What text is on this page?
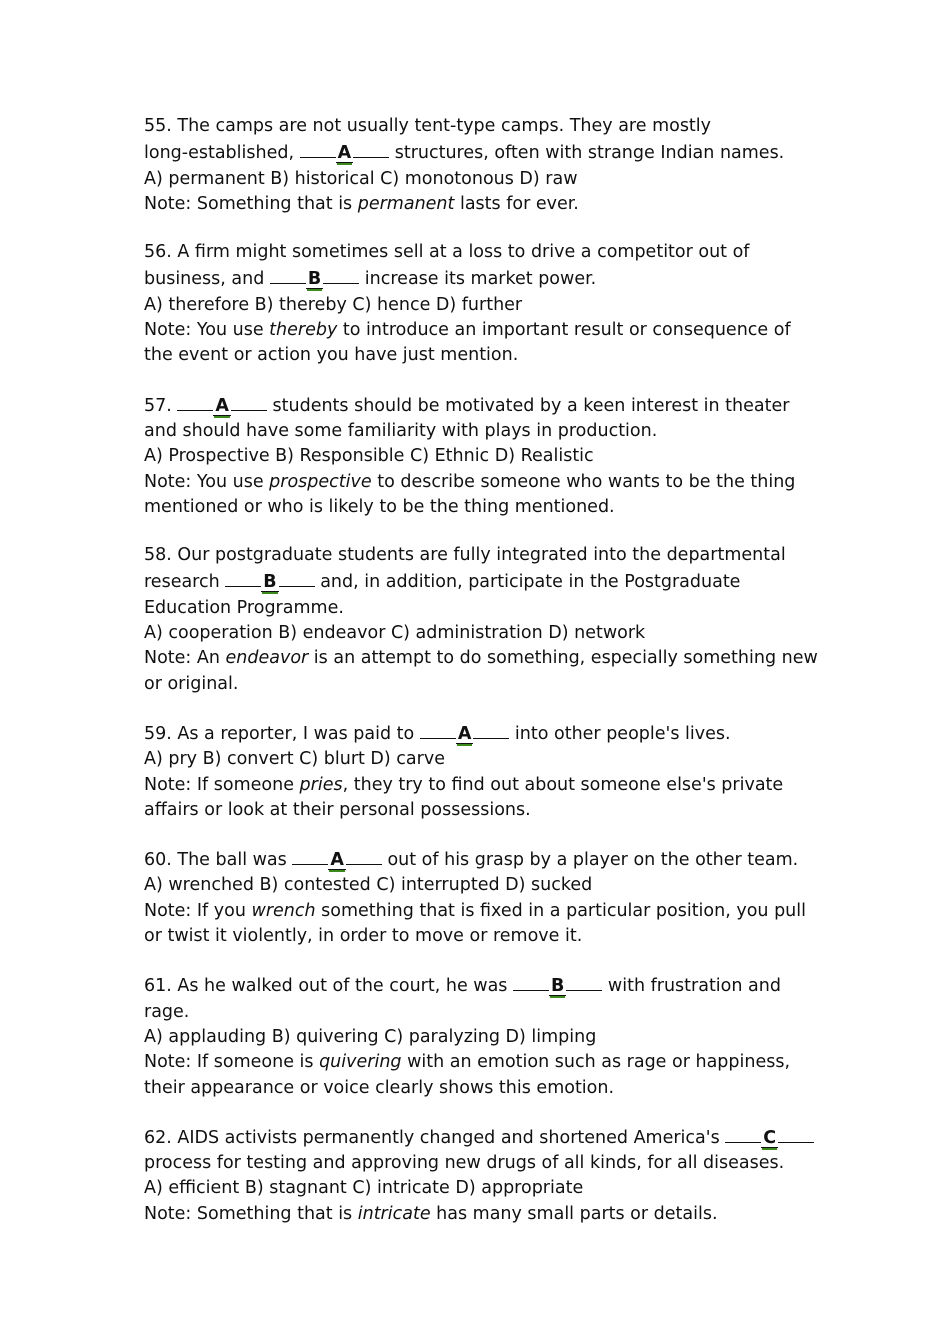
55. The camps are not usually tent-type camps. They are mostly
long-established, A structures, often with strange Indian names.
A) permanent B) historical C) monotonous D) raw
Note: Something that is permanent lasts for ever.
56. A firm might sometimes sell at a loss to drive a competitor out of
business, and B increase its market power.
A) therefore B) thereby C) hence D) further
Note: You use thereby to introduce an important result or consequence of
the event or action you have just mention.
57. A students should be motivated by a keen interest in theater
and should have some familiarity with plays in production.
A) Prospective B) Responsible C) Ethnic D) Realistic
Note: You use prospective to describe someone who wants to be the thing
mentioned or who is likely to be the thing mentioned.
58. Our postgraduate students are fully integrated into the departmental
research B and, in addition, participate in the Postgraduate
Education Programme.
A) cooperation B) endeavor C) administration D) network
Note: An endeavor is an attempt to do something, especially something new
or original.
59. As a reporter, I was paid to A into other people's lives.
A) pry B) convert C) blurt D) carve
Note: If someone pries, they try to find out about someone else's private
affairs or look at their personal possessions.
60. The ball was A out of his grasp by a player on the other team.
A) wrenched B) contested C) interrupted D) sucked
Note: If you wrench something that is fixed in a particular position, you pull
or twist it violently, in order to move or remove it.
61. As he walked out of the court, he was B with frustration and
rage.
A) applauding B) quivering C) paralyzing D) limping
Note: If someone is quivering with an emotion such as rage or happiness,
their appearance or voice clearly shows this emotion.
62. AIDS activists permanently changed and shortened America's C
process for testing and approving new drugs of all kinds, for all diseases.
A) efficient B) stagnant C) intricate D) appropriate
Note: Something that is intricate has many small parts or details.
